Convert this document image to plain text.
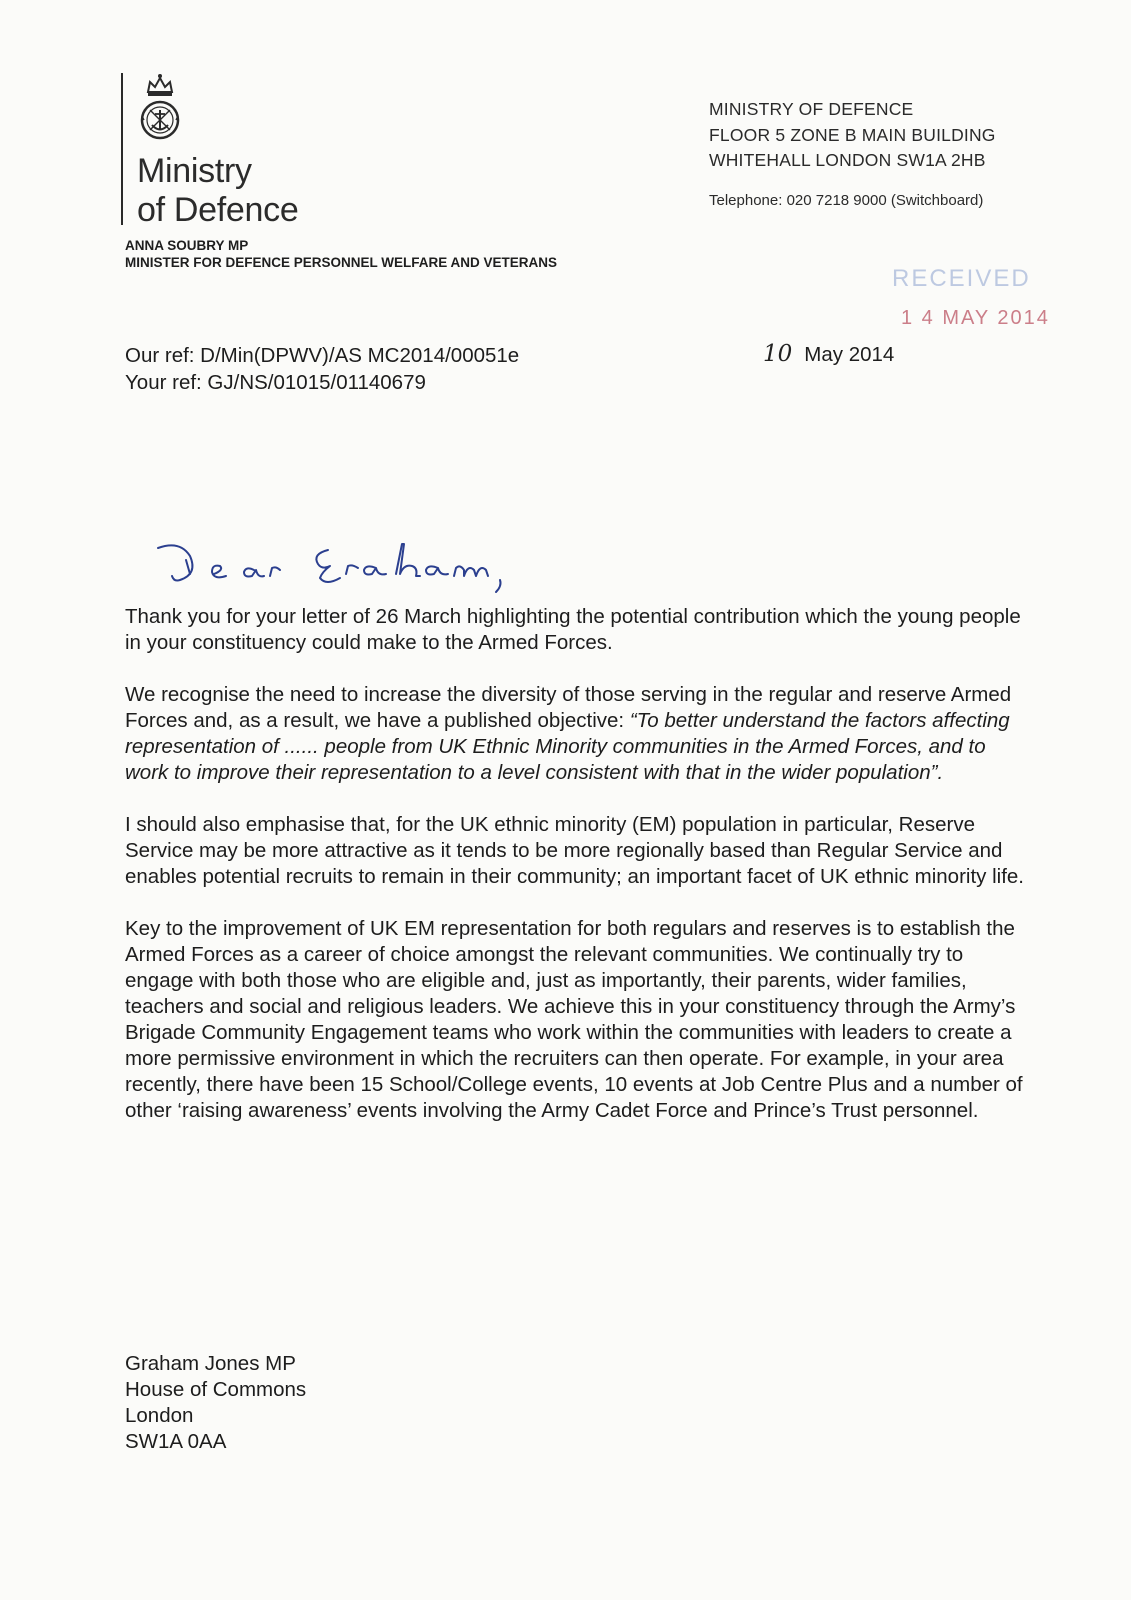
Ministry
of Defence
ANNA SOUBRY MP
MINISTER FOR DEFENCE PERSONNEL WELFARE AND VETERANS
MINISTRY OF DEFENCE
FLOOR 5 ZONE B MAIN BUILDING
WHITEHALL LONDON SW1A 2HB
Telephone: 020 7218 9000 (Switchboard)
RECEIVED
1 4 MAY 2014
Our ref: D/Min(DPWV)/AS MC2014/00051e
Your ref: GJ/NS/01015/01140679
10 May 2014
Dear Graham,

Thank you for your letter of 26 March highlighting the potential contribution which the young people in your constituency could make to the Armed Forces.

We recognise the need to increase the diversity of those serving in the regular and reserve Armed Forces and, as a result, we have a published objective: “To better understand the factors affecting representation of ...... people from UK Ethnic Minority communities in the Armed Forces, and to work to improve their representation to a level consistent with that in the wider population”.

I should also emphasise that, for the UK ethnic minority (EM) population in particular, Reserve Service may be more attractive as it tends to be more regionally based than Regular Service and enables potential recruits to remain in their community; an important facet of UK ethnic minority life.

Key to the improvement of UK EM representation for both regulars and reserves is to establish the Armed Forces as a career of choice amongst the relevant communities. We continually try to engage with both those who are eligible and, just as importantly, their parents, wider families, teachers and social and religious leaders. We achieve this in your constituency through the Army’s Brigade Community Engagement teams who work within the communities with leaders to create a more permissive environment in which the recruiters can then operate. For example, in your area recently, there have been 15 School/College events, 10 events at Job Centre Plus and a number of other ‘raising awareness’ events involving the Army Cadet Force and Prince’s Trust personnel.

Graham Jones MP
House of Commons
London
SW1A 0AA
